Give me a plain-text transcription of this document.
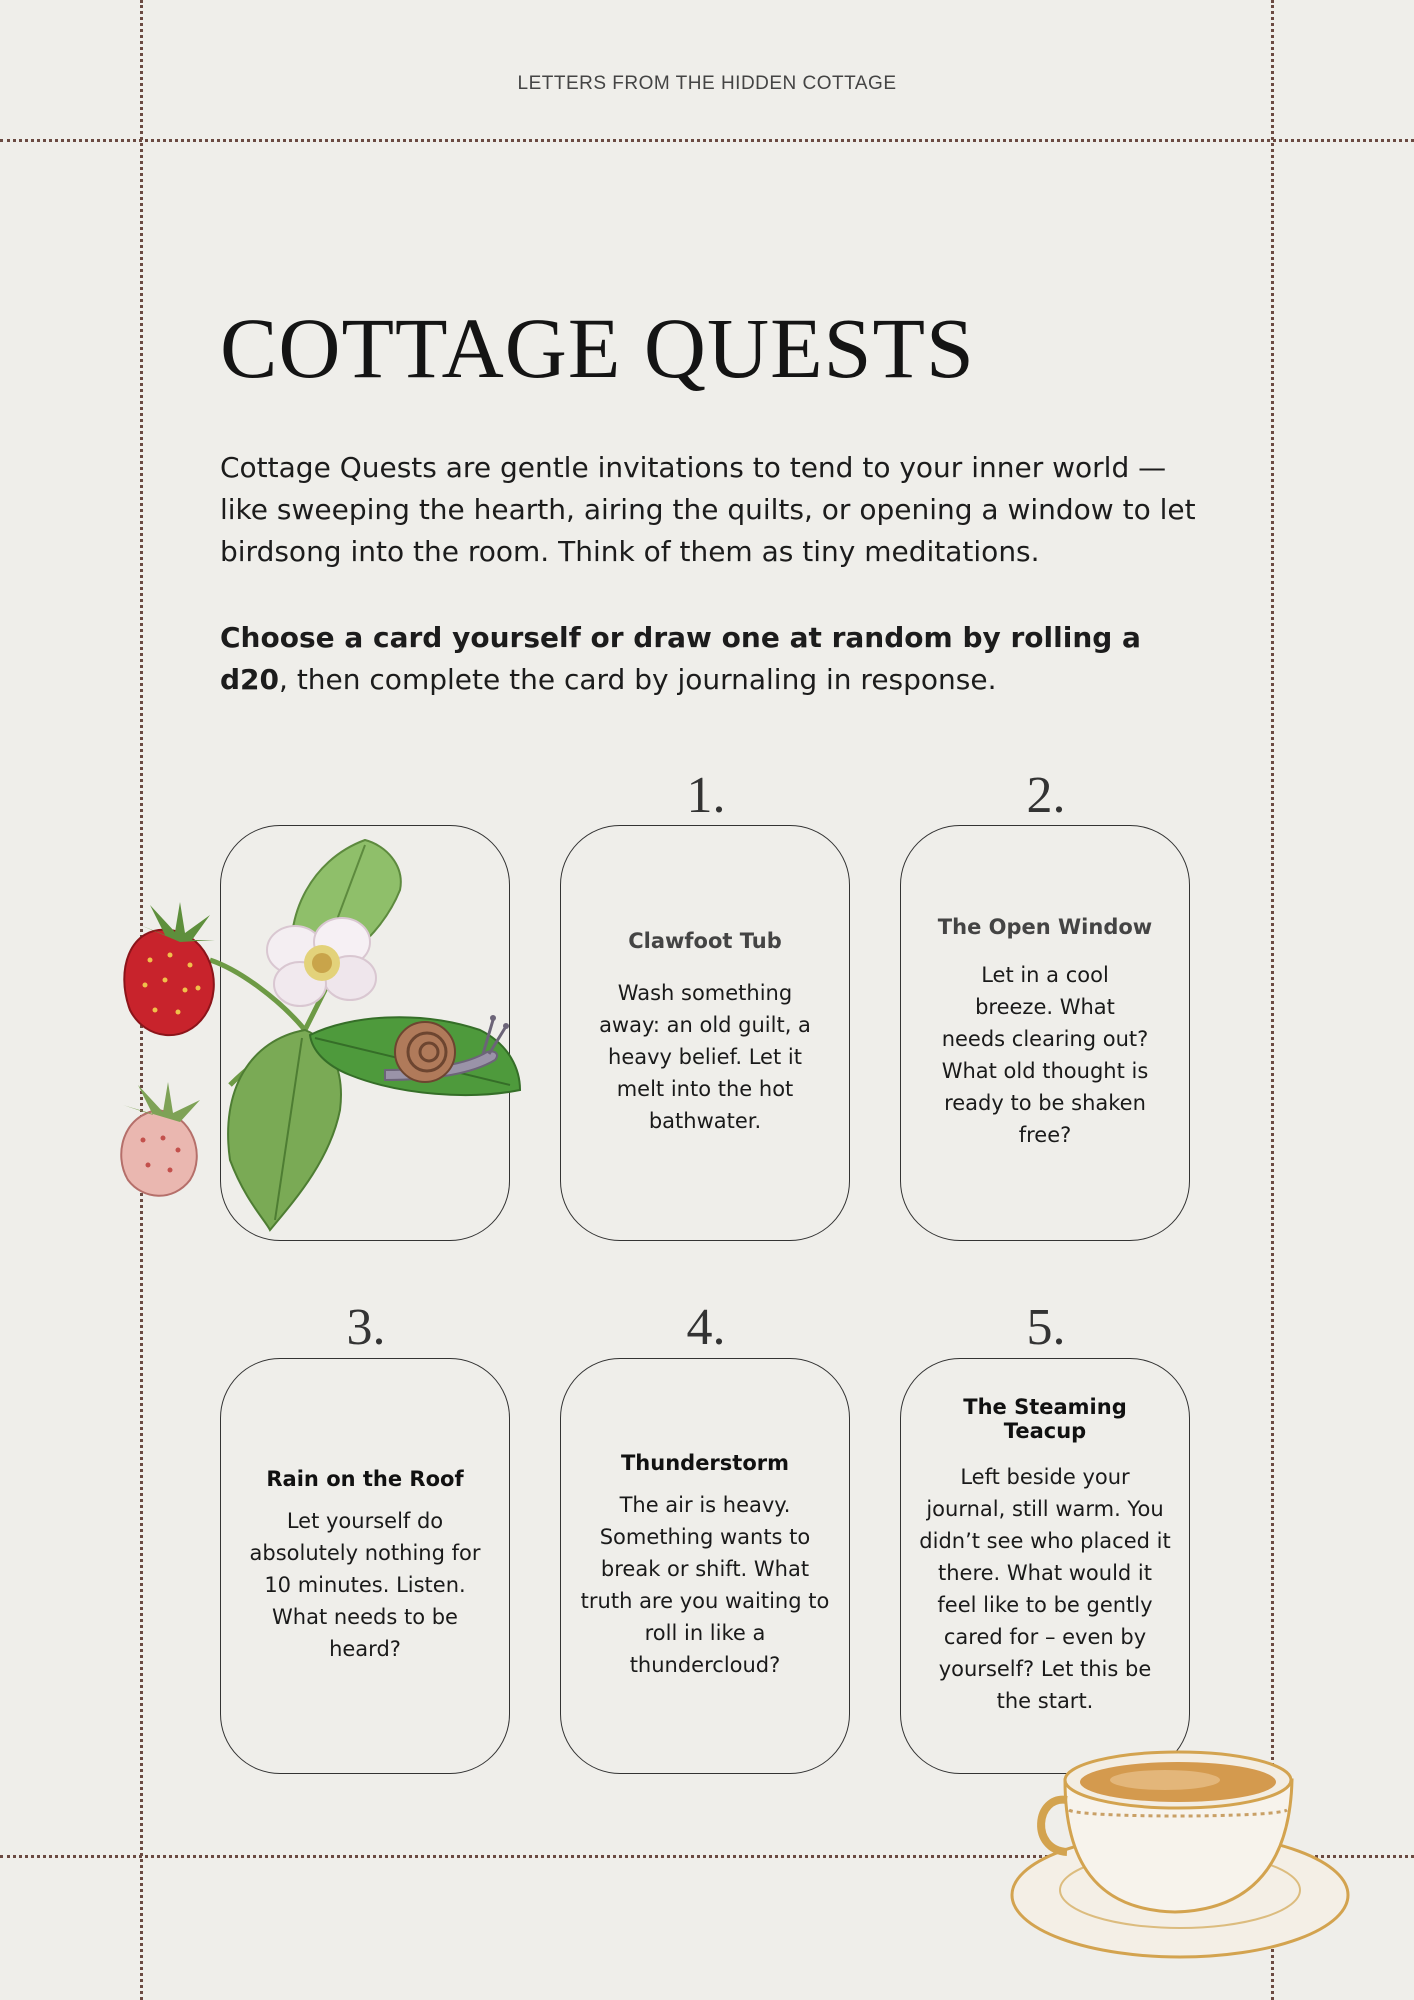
LETTERS FROM THE HIDDEN COTTAGE
COTTAGE QUESTS

Cottage Quests are gentle invitations to tend to your inner world — like sweeping the hearth, airing the quilts, or opening a window to let birdsong into the room. Think of them as tiny meditations.

Choose a card yourself or draw one at random by rolling a d20, then complete the card by journaling in response.

1.

Clawfoot Tub

Wash something away: an old guilt, a heavy belief. Let it melt into the hot bathwater.

2.

The Open Window

Let in a cool breeze. What needs clearing out? What old thought is ready to be shaken free?

3.

Rain on the Roof

Let yourself do absolutely nothing for 10 minutes. Listen. What needs to be heard?

4.

Thunderstorm

The air is heavy. Something wants to break or shift. What truth are you waiting to roll in like a thundercloud?

5.

The Steaming Teacup

Left beside your journal, still warm. You didn’t see who placed it there. What would it feel like to be gently cared for – even by yourself? Let this be the start.
